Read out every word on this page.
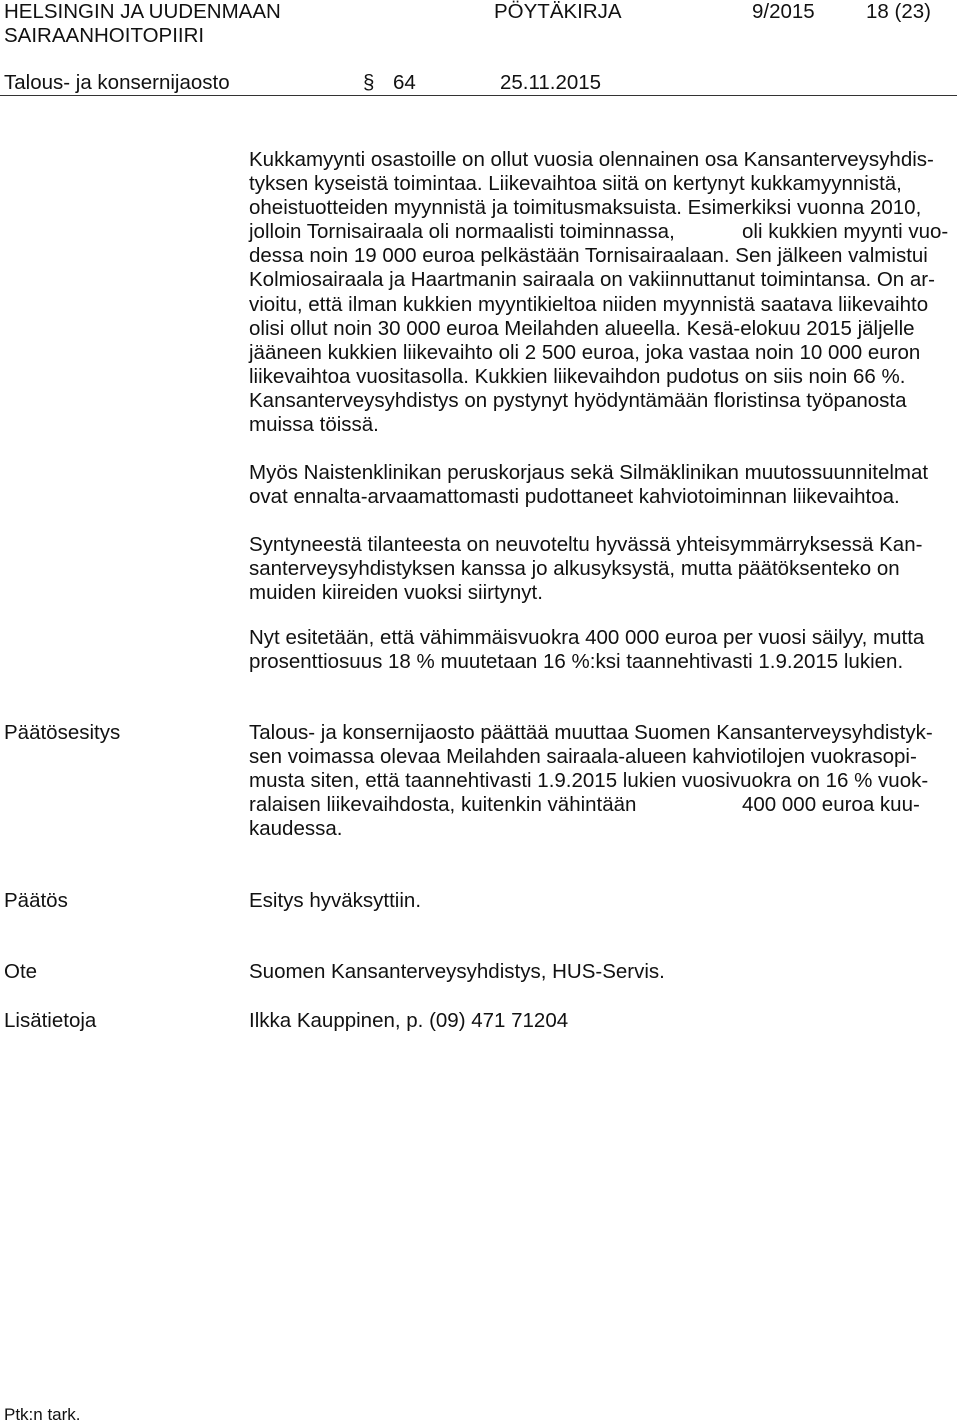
HELSINGIN JA UUDENMAAN
SAIRAANHOITOPIIRI
PÖYTÄKIRJA	9/2015	18 (23)
Talous- ja konsernijaosto	§ 64	25.11.2015
Kukkamyynti osastoille on ollut vuosia olennainen osa Kansanterveysyhdis-
tyksen kyseistä toimintaa. Liikevaihtoa siitä on kertynyt kukkamyynnistä,
oheistuotteiden myynnistä ja toimitusmaksuista. Esimerkiksi vuonna 2010,
jolloin Tornisairaala oli normaalisti toiminnassa,	oli kukkien myynti vuo-
dessa noin 19 000 euroa pelkästään Tornisairaalaan. Sen jälkeen valmistui
Kolmiosairaala ja Haartmanin sairaala on vakiinnuttanut toimintansa. On ar-
vioitu, että ilman kukkien myyntikieltoa niiden myynnistä saatava liikevaihto
olisi ollut noin 30 000 euroa Meilahden alueella. Kesä-elokuu 2015 jäljelle
jääneen kukkien liikevaihto oli 2 500 euroa, joka vastaa noin 10 000 euron
liikevaihtoa vuositasolla. Kukkien liikevaihdon pudotus on siis noin 66 %.
Kansanterveysyhdistys on pystynyt hyödyntämään floristinsa työpanosta
muissa töissä.
Myös Naistenklinikan peruskorjaus sekä Silmäklinikan muutossuunnitelmat
ovat ennalta-arvaamattomasti pudottaneet kahviotoiminnan liikevaihtoa.
Syntyneestä tilanteesta on neuvoteltu hyvässä yhteisymmärryksessä Kan-
santerveysyhdistyksen kanssa jo alkusyksystä, mutta päätöksenteko on
muiden kiireiden vuoksi siirtynyt.
Nyt esitetään, että vähimmäisvuokra 400 000 euroa per vuosi säilyy, mutta
prosenttiosuus 18 % muutetaan 16 %:ksi taannehtivasti 1.9.2015 lukien.
Päätösesitys	Talous- ja konsernijaosto päättää muuttaa Suomen Kansanterveysyhdistyk-
sen voimassa olevaa Meilahden sairaala-alueen kahviotilojen vuokrasopi-
musta siten, että taannehtivasti 1.9.2015 lukien vuosivuokra on 16 % vuok-
ralaisen liikevaihdosta, kuitenkin vähintään	400 000 euroa kuu-
kaudessa.
Päätös	Esitys hyväksyttiin.
Ote	Suomen Kansanterveysyhdistys, HUS-Servis.
Lisätietoja	Ilkka Kauppinen, p. (09) 471 71204
Ptk:n tark.
